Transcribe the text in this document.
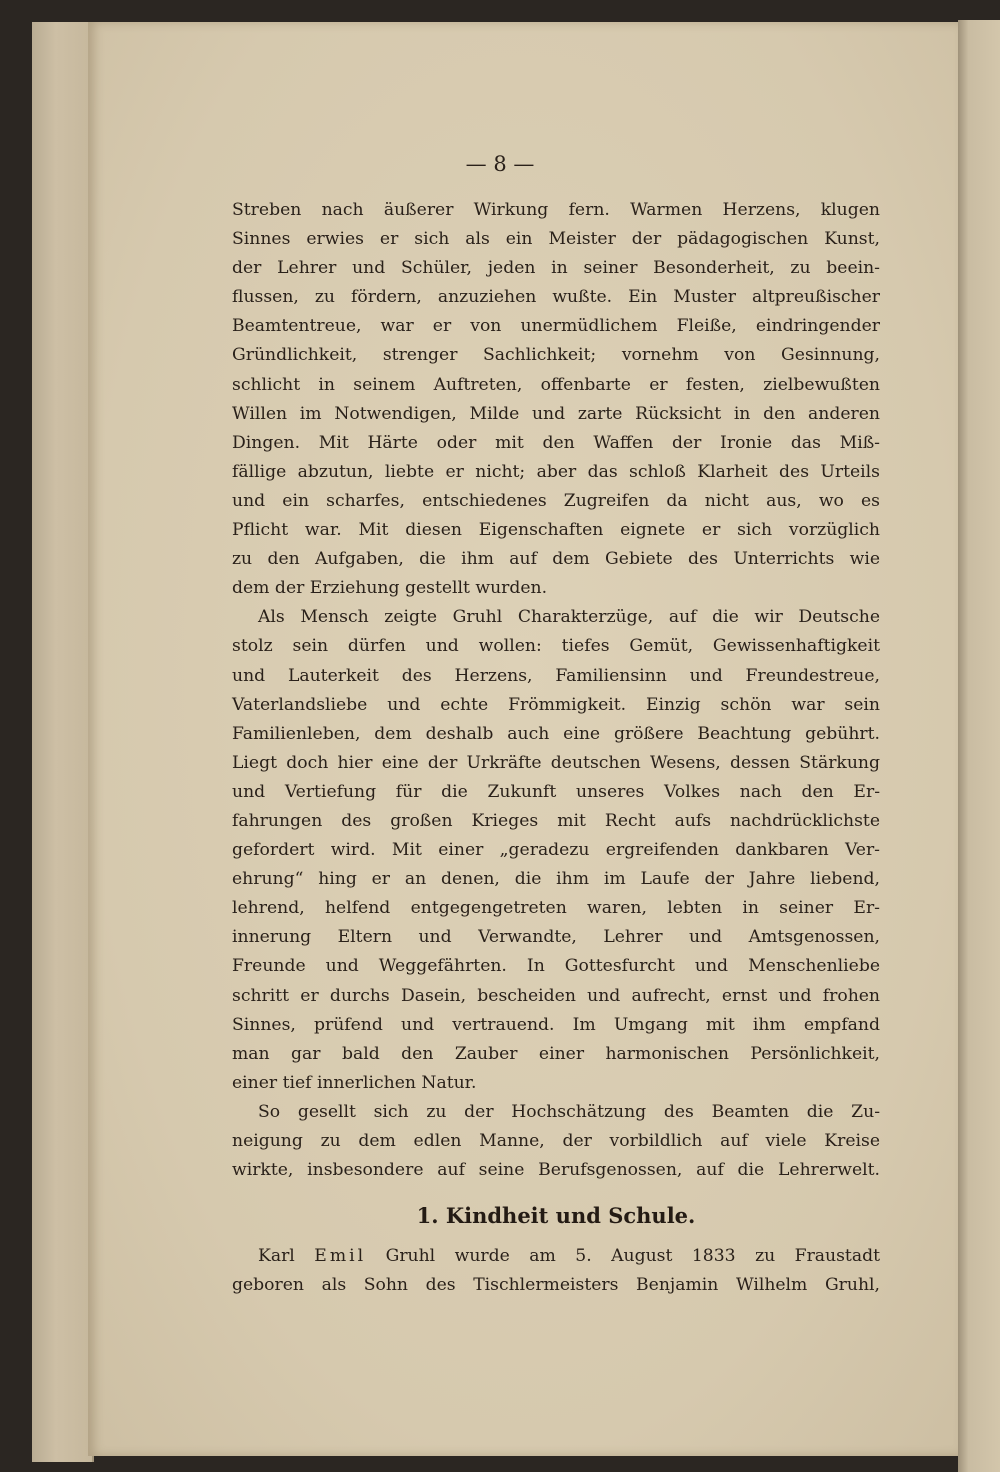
— 8 —
Streben nach äußerer Wirkung fern. Warmen Herzens, klugen
Sinnes erwies er sich als ein Meister der pädagogischen Kunst,
der Lehrer und Schüler, jeden in seiner Besonderheit, zu beein-
flussen, zu fördern, anzuziehen wußte. Ein Muster altpreußischer
Beamtentreue, war er von unermüdlichem Fleiße, eindringender
Gründlichkeit, strenger Sachlichkeit; vornehm von Gesinnung,
schlicht in seinem Auftreten, offenbarte er festen, zielbewußten
Willen im Notwendigen, Milde und zarte Rücksicht in den anderen
Dingen. Mit Härte oder mit den Waffen der Ironie das Miß-
fällige abzutun, liebte er nicht; aber das schloß Klarheit des Urteils
und ein scharfes, entschiedenes Zugreifen da nicht aus, wo es
Pflicht war. Mit diesen Eigenschaften eignete er sich vorzüglich
zu den Aufgaben, die ihm auf dem Gebiete des Unterrichts wie
dem der Erziehung gestellt wurden.
Als Mensch zeigte Gruhl Charakterzüge, auf die wir Deutsche
stolz sein dürfen und wollen: tiefes Gemüt, Gewissenhaftigkeit
und Lauterkeit des Herzens, Familiensinn und Freundestreue,
Vaterlandsliebe und echte Frömmigkeit. Einzig schön war sein
Familienleben, dem deshalb auch eine größere Beachtung gebührt.
Liegt doch hier eine der Urkräfte deutschen Wesens, dessen Stärkung
und Vertiefung für die Zukunft unseres Volkes nach den Er-
fahrungen des großen Krieges mit Recht aufs nachdrücklichste
gefordert wird. Mit einer „geradezu ergreifenden dankbaren Ver-
ehrung“ hing er an denen, die ihm im Laufe der Jahre liebend,
lehrend, helfend entgegengetreten waren, lebten in seiner Er-
innerung Eltern und Verwandte, Lehrer und Amtsgenossen,
Freunde und Weggefährten. In Gottesfurcht und Menschenliebe
schritt er durchs Dasein, bescheiden und aufrecht, ernst und frohen
Sinnes, prüfend und vertrauend. Im Umgang mit ihm empfand
man gar bald den Zauber einer harmonischen Persönlichkeit,
einer tief innerlichen Natur.
So gesellt sich zu der Hochschätzung des Beamten die Zu-
neigung zu dem edlen Manne, der vorbildlich auf viele Kreise
wirkte, insbesondere auf seine Berufsgenossen, auf die Lehrerwelt.
1. Kindheit und Schule.
Karl Emil Gruhl wurde am 5. August 1833 zu Fraustadt
geboren als Sohn des Tischlermeisters Benjamin Wilhelm Gruhl,
